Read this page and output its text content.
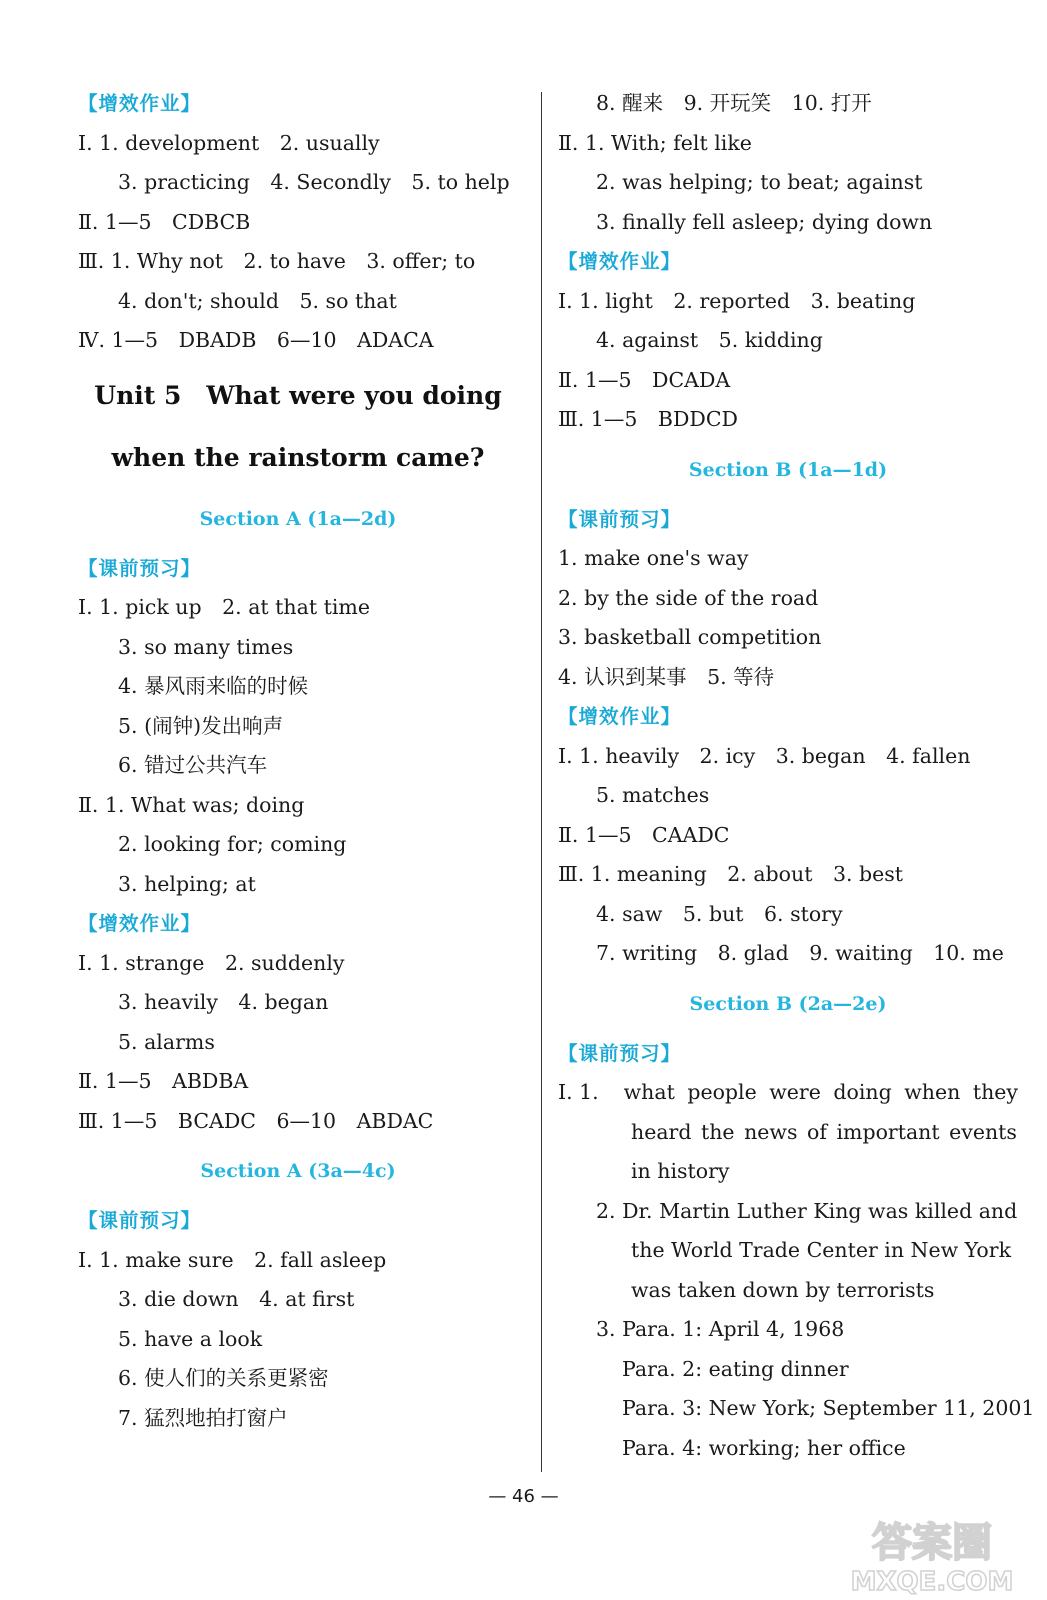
【增效作业】
Ⅰ. 1. development　2. usually
3. practicing　4. Secondly　5. to help
Ⅱ. 1—5　CDBCB
Ⅲ. 1. Why not　2. to have　3. offer; to
4. don't; should　5. so that
Ⅳ. 1—5　DBADB　6—10　ADACA
Unit 5　What were you doing
when the rainstorm came?
Section A (1a—2d)
【课前预习】
Ⅰ. 1. pick up　2. at that time
3. so many times
4. 暴风雨来临的时候
5. (闹钟)发出响声
6. 错过公共汽车
Ⅱ. 1. What was; doing
2. looking for; coming
3. helping; at
【增效作业】
Ⅰ. 1. strange　2. suddenly
3. heavily　4. began
5. alarms
Ⅱ. 1—5　ABDBA
Ⅲ. 1—5　BCADC　6—10　ABDAC
Section A (3a—4c)
【课前预习】
Ⅰ. 1. make sure　2. fall asleep
3. die down　4. at first
5. have a look
6. 使人们的关系更紧密
7. 猛烈地拍打窗户
8. 醒来　9. 开玩笑　10. 打开
Ⅱ. 1. With; felt like
2. was helping; to beat; against
3. finally fell asleep; dying down
【增效作业】
Ⅰ. 1. light　2. reported　3. beating
4. against　5. kidding
Ⅱ. 1—5　DCADA
Ⅲ. 1—5　BDDCD
Section B (1a—1d)
【课前预习】
1. make one's way
2. by the side of the road
3. basketball competition
4. 认识到某事　5. 等待
【增效作业】
Ⅰ. 1. heavily　2. icy　3. began　4. fallen
5. matches
Ⅱ. 1—5　CAADC
Ⅲ. 1. meaning　2. about　3. best
4. saw　5. but　6. story
7. writing　8. glad　9. waiting　10. me
Section B (2a—2e)
【课前预习】
Ⅰ. 1.	what people were doing when they
heard the news of important events
in history
2. Dr. Martin Luther King was killed and
the World Trade Center in New York
was taken down by terrorists
3. Para. 1: April 4, 1968
Para. 2: eating dinner
Para. 3: New York; September 11, 2001
Para. 4: working; her office
— 46 —
答案圈
MXQE.COM
